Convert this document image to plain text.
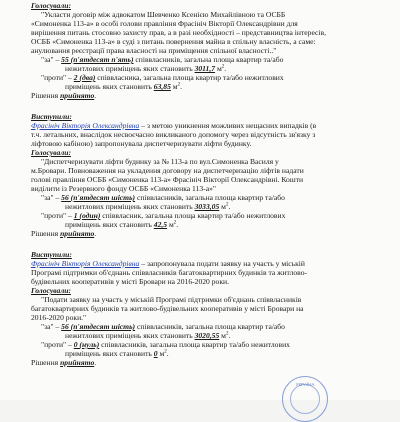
Голосували:
"Укласти договір між адвокатом Шевченко Ксенією Михайлівною та ОСББ
«Симоненка 113-а» в особі голови правління Фрасініч Вікторії Олександрівни для
вирішення питань стосовно захисту прав, а в разі необхідності – представництва інтересів,
ОСББ «Симоненка 113-а» в суді з питань повернення майна в спільну власність, а саме:
анулювання реєстрації права власності на приміщення спільної власності.."
"за" – 55 (п'ятдесят п'ять) співвласників, загальна площа квартир та/або
нежитлових приміщень яких становить 3011,7 $м^2$.
"проти" – 2 (два) співвласника, загальна площа квартир та/або нежитлових
приміщень яких становить 63,85 $м^2$.
Рішення прийнято.
Виступили:
Фрасініч Вікторія Олександрівна – з метою уникнення можливих нещасних випадків (в
т.ч. летальних, внаслідок несвоєчасно викликаного допомогу через відсутність зв'язку з
ліфтовою кабіною) запропонувала диспетчеризувати ліфти будинку.
Голосували:
"Диспетчеризувати ліфти будинку за № 113-а по вул.Симоненка Василя у
м.Бровари. Повноваження на укладення договору на диспетчеризацію ліфтів надати
голові правління ОСББ «Симоненка 113-а» Фрасініч Вікторії Олександрівні. Кошти
виділити із Резервного фонду ОСББ «Симоненка 113-а»"
"за" – 56 (п'ятдесят шість) співвласників, загальна площа квартир та/або
нежитлових приміщень яких становить 3033,05 $м^2$.
"проти" – 1 (один) співвласник, загальна площа квартир та/або нежитлових
приміщень яких становить 42,5 $м^2$.
Рішення прийнято.
Виступили:
Фрасініч Вікторія Олександрівна – запропонувала подати заявку на участь у міській
Програмі підтримки об'єднань співвласників багатоквартирних будинків та житлово-
будівельних кооперативів у місті Бровари на 2016-2020 роки.
Голосували:
"Подати заявку на участь у міській Програмі підтримки об'єднань співвласників
багатоквартирних будинків та житлово-будівельних кооперативів у місті Бровари на
2016-2020 роки."
"за" – 56 (п'ятдесят шість) співвласників, загальна площа квартир та/або
нежитлових приміщень яких становить 3020,55 $м^2$.
"проти" – 0 (нуль) співвласників, загальна площа квартир та/або нежитлових
приміщень яких становить 0 $м^2$.
Рішення прийнято.
УКРАЇНА
